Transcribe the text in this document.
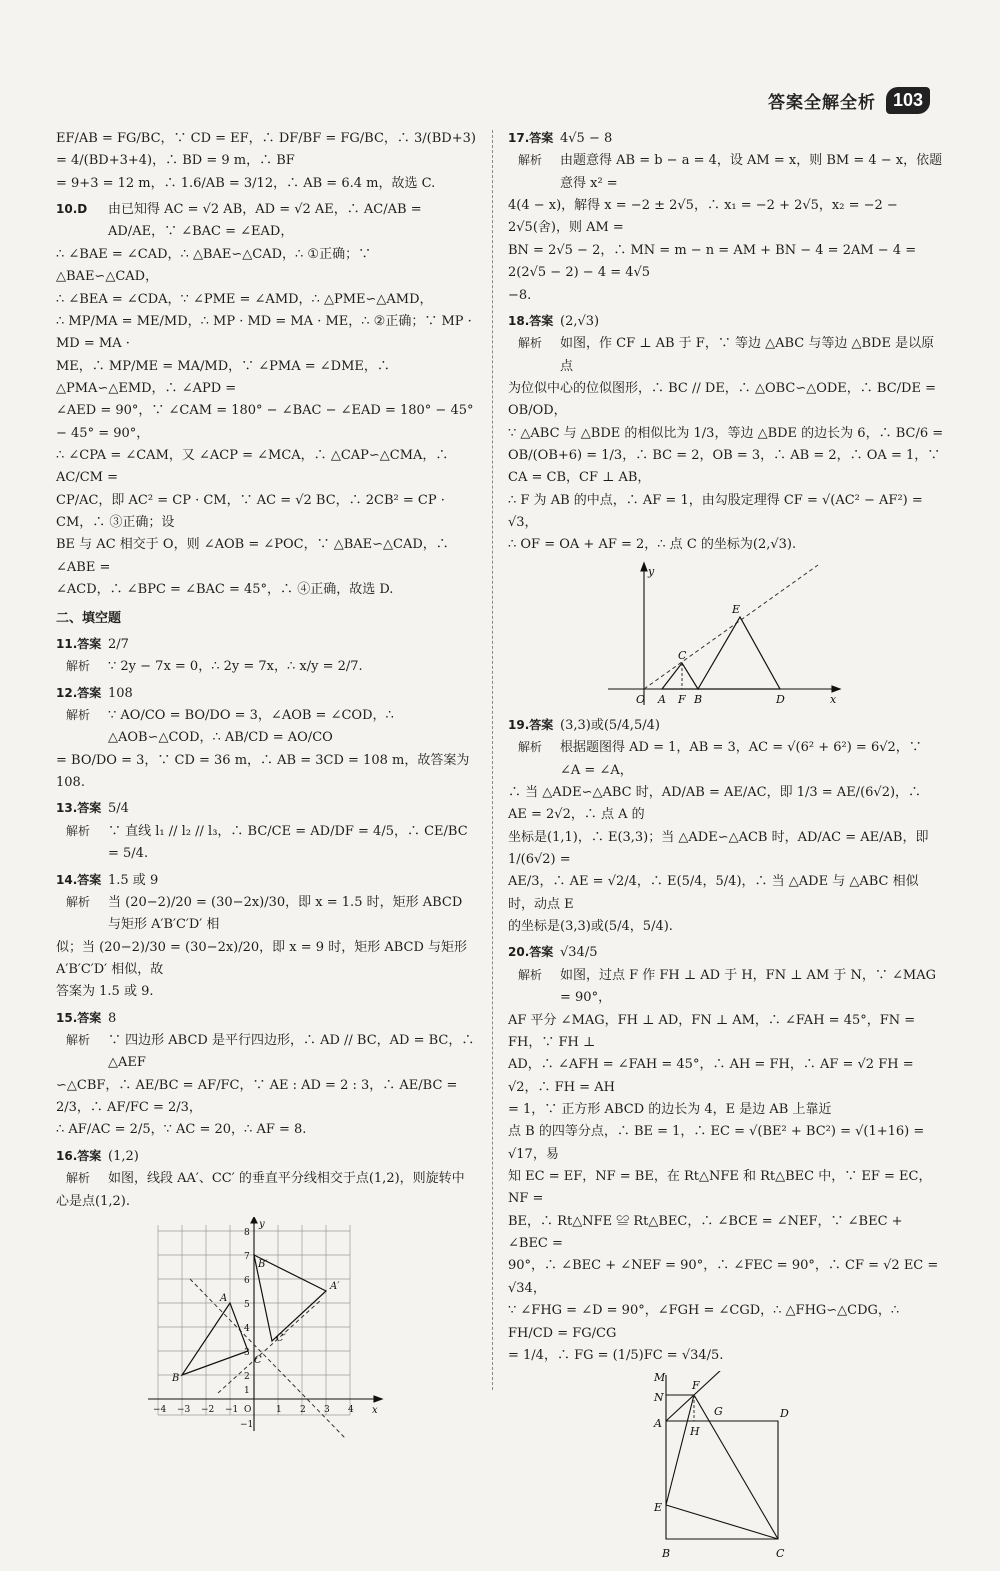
答案全解全析 103
EF/AB = FG/BC，∵ CD = EF，∴ DF/BF = FG/BC，∴ 3/(BD+3) = 4/(BD+3+4)，∴ BD = 9 m，∴ BF
= 9+3 = 12 m，∴ 1.6/AB = 3/12，∴ AB = 6.4 m，故选 C.
10.D	由已知得 AC = √2 AB，AD = √2 AE，∴ AC/AB = AD/AE，∵ ∠BAC = ∠EAD，
∴ ∠BAE = ∠CAD，∴ △BAE∽△CAD，∴ ①正确；∵ △BAE∽△CAD，
∴ ∠BEA = ∠CDA，∵ ∠PME = ∠AMD，∴ △PME∽△AMD，
∴ MP/MA = ME/MD，∴ MP · MD = MA · ME，∴ ②正确；∵ MP · MD = MA ·
ME，∴ MP/ME = MA/MD，∵ ∠PMA = ∠DME，∴ △PMA∽△EMD，∴ ∠APD =
∠AED = 90°，∵ ∠CAM = 180° − ∠BAC − ∠EAD = 180° − 45° − 45° = 90°，
∴ ∠CPA = ∠CAM，又 ∠ACP = ∠MCA，∴ △CAP∽△CMA，∴ AC/CM =
CP/AC，即 AC² = CP · CM，∵ AC = √2 BC，∴ 2CB² = CP · CM，∴ ③正确；设
BE 与 AC 相交于 O，则 ∠AOB = ∠POC，∵ △BAE∽△CAD，∴ ∠ABE =
∠ACD，∴ ∠BPC = ∠BAC = 45°，∴ ④正确，故选 D.
二、填空题
11.答案 2/7
解析	∵ 2y − 7x = 0，∴ 2y = 7x，∴ x/y = 2/7.
12.答案 108
解析	∵ AO/CO = BO/DO = 3，∠AOB = ∠COD，∴ △AOB∽△COD，∴ AB/CD = AO/CO
= BO/DO = 3，∵ CD = 36 m，∴ AB = 3CD = 108 m，故答案为 108.
13.答案 5/4
解析	∵ 直线 l₁ // l₂ // l₃，∴ BC/CE = AD/DF = 4/5，∴ CE/BC = 5/4.
14.答案 1.5 或 9
解析	当 (20−2)/20 = (30−2x)/30，即 x = 1.5 时，矩形 ABCD 与矩形 A′B′C′D′ 相
似；当 (20−2)/30 = (30−2x)/20，即 x = 9 时，矩形 ABCD 与矩形 A′B′C′D′ 相似，故
答案为 1.5 或 9.
15.答案 8
解析	∵ 四边形 ABCD 是平行四边形，∴ AD // BC，AD = BC，∴ △AEF
∽△CBF，∴ AE/BC = AF/FC，∵ AE : AD = 2 : 3，∴ AE/BC = 2/3，∴ AF/FC = 2/3，
∴ AF/AC = 2/5，∵ AC = 20，∴ AF = 8.
16.答案 (1,2)
解析	如图，线段 AA′、CC′ 的垂直平分线相交于点(1,2)，则旋转中
心是点(1,2).
x
y
A
B
C
A′
B′
C′
−4 −3 −2 −1 O	1 2 3 4
8
7
6
5
4
3
2
1
−1
17.答案 4√5 − 8
解析	由题意得 AB = b − a = 4，设 AM = x，则 BM = 4 − x，依题意得 x² =
4(4 − x)，解得 x = −2 ± 2√5，∴ x₁ = −2 + 2√5，x₂ = −2 − 2√5(舍)，则 AM =
BN = 2√5 − 2，∴ MN = m − n = AM + BN − 4 = 2AM − 4 = 2(2√5 − 2) − 4 = 4√5
−8.
18.答案 (2,√3)
解析	如图，作 CF ⊥ AB 于 F，∵ 等边 △ABC 与等边 △BDE 是以原点
为位似中心的位似图形，∴ BC // DE，∴ △OBC∽△ODE，∴ BC/DE = OB/OD，
∵ △ABC 与 △BDE 的相似比为 1/3，等边 △BDE 的边长为 6，∴ BC/6 =
OB/(OB+6) = 1/3，∴ BC = 2，OB = 3，∴ AB = 2，∴ OA = 1，∵ CA = CB，CF ⊥ AB，
∴ F 为 AB 的中点，∴ AF = 1，由勾股定理得 CF = √(AC² − AF²) = √3，
∴ OF = OA + AF = 2，∴ 点 C 的坐标为(2,√3).
y
x
O A F B	D
C
E
19.答案 (3,3)或(5/4,5/4)
解析	根据题图得 AD = 1，AB = 3，AC = √(6² + 6²) = 6√2，∵ ∠A = ∠A，
∴ 当 △ADE∽△ABC 时，AD/AB = AE/AC，即 1/3 = AE/(6√2)，∴ AE = 2√2，∴ 点 A 的
坐标是(1,1)，∴ E(3,3)；当 △ADE∽△ACB 时，AD/AC = AE/AB，即 1/(6√2) =
AE/3，∴ AE = √2/4，∴ E(5/4，5/4)，∴ 当 △ADE 与 △ABC 相似时，动点 E
的坐标是(3,3)或(5/4，5/4).
20.答案 √34/5
解析	如图，过点 F 作 FH ⊥ AD 于 H，FN ⊥ AM 于 N，∵ ∠MAG = 90°，
AF 平分 ∠MAG，FH ⊥ AD，FN ⊥ AM，∴ ∠FAH = 45°，FN = FH，∵ FH ⊥
AD，∴ ∠AFH = ∠FAH = 45°，∴ AH = FH，∴ AF = √2 FH = √2，∴ FH = AH
= 1，∵ 正方形 ABCD 的边长为 4，E 是边 AB 上靠近
点 B 的四等分点，∴ BE = 1，∴ EC = √(BE² + BC²) = √(1+16) = √17，易
知 EC = EF，NF = BE，在 Rt△NFE 和 Rt△BEC 中，∵ EF = EC，NF =
BE，∴ Rt△NFE ≌ Rt△BEC，∴ ∠BCE = ∠NEF，∵ ∠BEC + ∠BEC =
90°，∴ ∠BEC + ∠NEF = 90°，∴ ∠FEC = 90°，∴ CF = √2 EC = √34，
∵ ∠FHG = ∠D = 90°，∠FGH = ∠CGD，∴ △FHG∽△CDG，∴ FH/CD = FG/CG
= 1/4，∴ FG = (1/5)FC = √34/5.
M
N
F
G	D
A
H
E
B	C
